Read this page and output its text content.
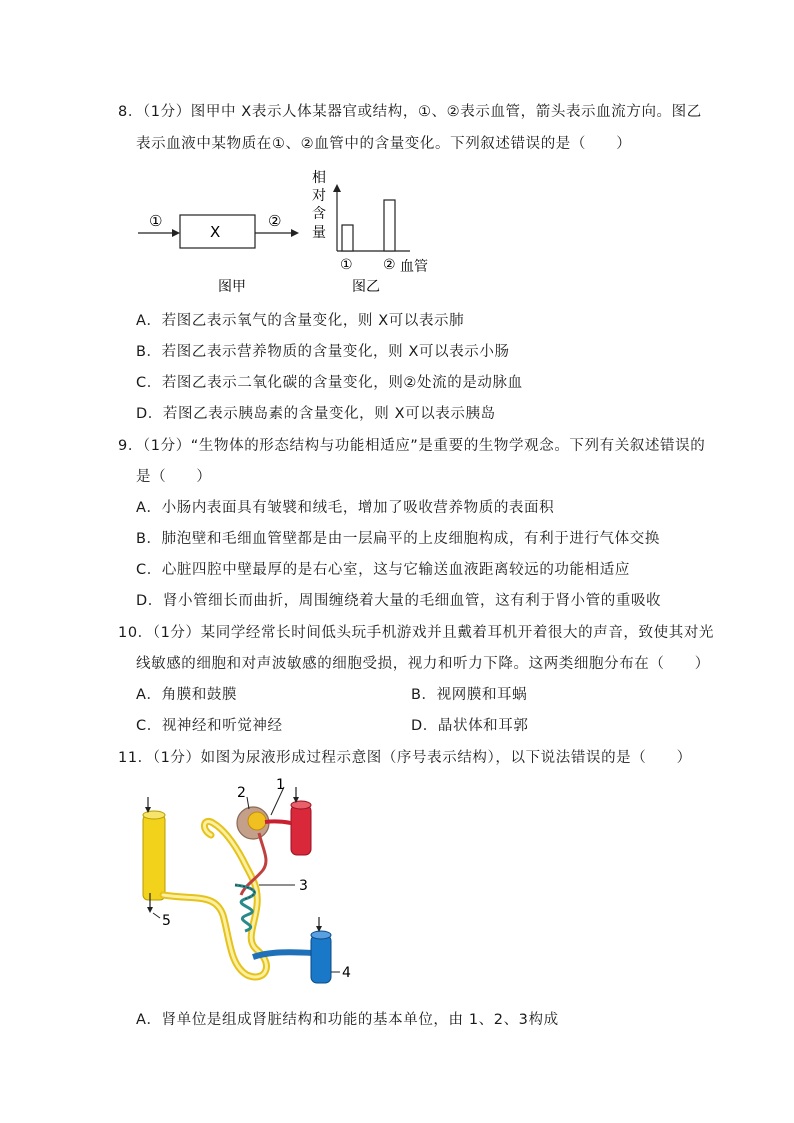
8．（1分）图甲中 X表示人体某器官或结构，①、②表示血管，箭头表示血流方向。图乙
表示血液中某物质在①、②血管中的含量变化。下列叙述错误的是（　　）
①
X
②
图甲
相
对
含
量
① ② 血管
图乙
A．若图乙表示氧气的含量变化，则 X可以表示肺
B．若图乙表示营养物质的含量变化，则 X可以表示小肠
C．若图乙表示二氧化碳的含量变化，则②处流的是动脉血
D．若图乙表示胰岛素的含量变化，则 X可以表示胰岛
9．（1分）“生物体的形态结构与功能相适应”是重要的生物学观念。下列有关叙述错误的
是（　　）
A．小肠内表面具有皱襞和绒毛，增加了吸收营养物质的表面积
B．肺泡壁和毛细血管壁都是由一层扁平的上皮细胞构成，有利于进行气体交换
C．心脏四腔中壁最厚的是右心室，这与它输送血液距离较远的功能相适应
D．肾小管细长而曲折，周围缠绕着大量的毛细血管，这有利于肾小管的重吸收
10．（1分）某同学经常长时间低头玩手机游戏并且戴着耳机开着很大的声音，致使其对光
线敏感的细胞和对声波敏感的细胞受损，视力和听力下降。这两类细胞分布在（　　）
A．角膜和鼓膜	B．视网膜和耳蜗
C．视神经和听觉神经	D．晶状体和耳郭
11．（1分）如图为尿液形成过程示意图（序号表示结构），以下说法错误的是（　　）
1
2
3
4
5
A．肾单位是组成肾脏结构和功能的基本单位，由 1、2、3构成
